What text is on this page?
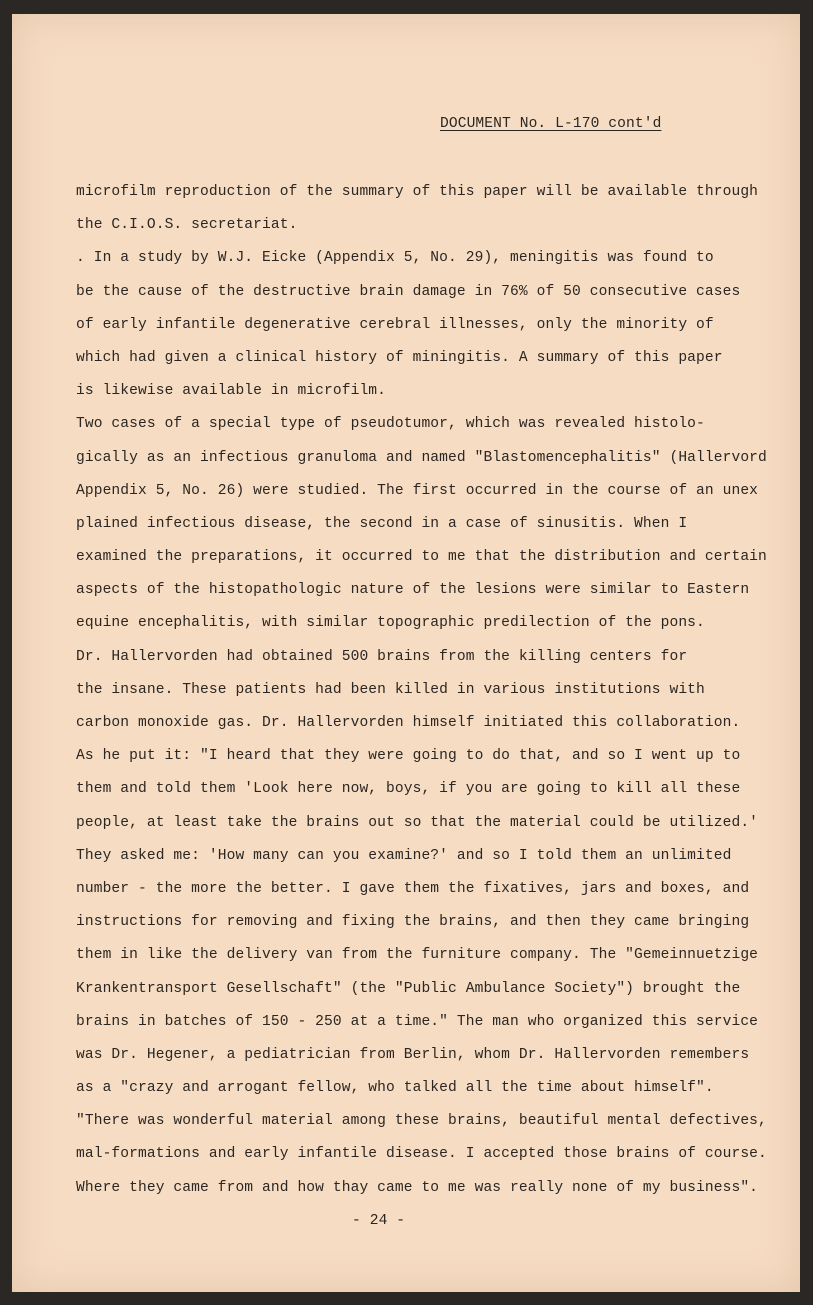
DOCUMENT No. L-170 cont'd
microfilm reproduction of the summary of this paper will be available through
the C.I.O.S. secretariat.
. In a study by W.J. Eicke (Appendix 5, No. 29), meningitis was found to
be the cause of the destructive brain damage in 76% of 50 consecutive cases
of early infantile degenerative cerebral illnesses, only the minority of
which had given a clinical history of miningitis. A summary of this paper
is likewise available in microfilm.
Two cases of a special type of pseudotumor, which was revealed histolo-
gically as an infectious granuloma and named "Blastomencephalitis" (Hallervord
Appendix 5, No. 26) were studied. The first occurred in the course of an unex
plained infectious disease, the second in a case of sinusitis. When I
examined the preparations, it occurred to me that the distribution and certain
aspects of the histopathologic nature of the lesions were similar to Eastern
equine encephalitis, with similar topographic predilection of the pons.
Dr. Hallervorden had obtained 500 brains from the killing centers for
the insane. These patients had been killed in various institutions with
carbon monoxide gas. Dr. Hallervorden himself initiated this collaboration.
As he put it: "I heard that they were going to do that, and so I went up to
them and told them 'Look here now, boys, if you are going to kill all these
people, at least take the brains out so that the material could be utilized.'
They asked me: 'How many can you examine?' and so I told them an unlimited
number - the more the better. I gave them the fixatives, jars and boxes, and
instructions for removing and fixing the brains, and then they came bringing
them in like the delivery van from the furniture company. The "Gemeinnuetzige
Krankentransport Gesellschaft" (the "Public Ambulance Society") brought the
brains in batches of 150 - 250 at a time." The man who organized this service
was Dr. Hegener, a pediatrician from Berlin, whom Dr. Hallervorden remembers
as a "crazy and arrogant fellow, who talked all the time about himself".
"There was wonderful material among these brains, beautiful mental defectives,
mal-formations and early infantile disease. I accepted those brains of course.
Where they came from and how thay came to me was really none of my business".
- 24 -
